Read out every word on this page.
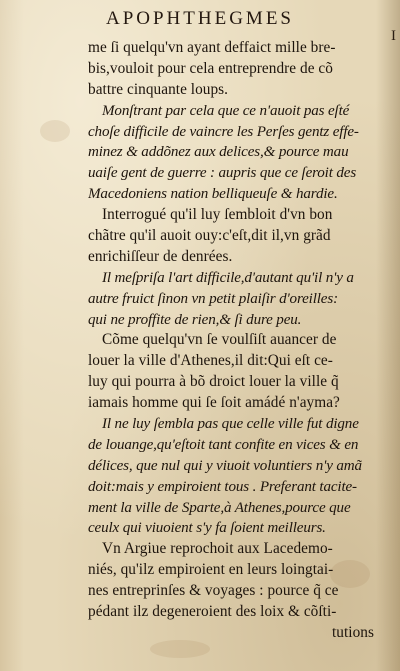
APOPHTHEGMES
I
me ſi quelqu'vn ayant deffaict mille bre-
bis,vouloit pour cela entreprendre de cõ
battre cinquante loups.
Monſtrant par cela que ce n'auoit pas eſté
choſe difficile de vaincre les Perſes gentz effe-
minez & addõnez aux delices,& pource mau
uaiſe gent de guerre : aupris que ce ſeroit des
Macedoniens nation belliqueuſe & hardie.
Interrogué qu'il luy ſembloit d'vn bon
chãtre qu'il auoit ouy:c'eſt,dit il,vn grãd
enrichiſſeur de denrées.
Il meſpriſa l'art difficile,d'autant qu'il n'y a
autre fruict ſinon vn petit plaiſir d'oreilles:
qui ne proffite de rien,& ſi dure peu.
Cõme quelqu'vn ſe voulſiſt auancer de
louer la ville d'Athenes,il dit:Qui eſt ce-
luy qui pourra à bõ droict louer la ville q̃
iamais homme qui ſe ſoit amádé n'ayma?
Il ne luy ſembla pas que celle ville fut digne
de louange,qu'eſtoit tant confite en vices & en
délices, que nul qui y viuoit voluntiers n'y amã
doit:mais y empiroient tous . Preferant tacite-
ment la ville de Sparte,à Athenes,pource que
ceulx qui viuoient s'y fa ſoient meilleurs.
Vn Argiue reprochoit aux Lacedemo-
niés, qu'ilz empiroient en leurs loingtai-
nes entreprinſes & voyages : pource q̃ ce
pédant ilz degeneroient des loix & cõſti-
tutions
